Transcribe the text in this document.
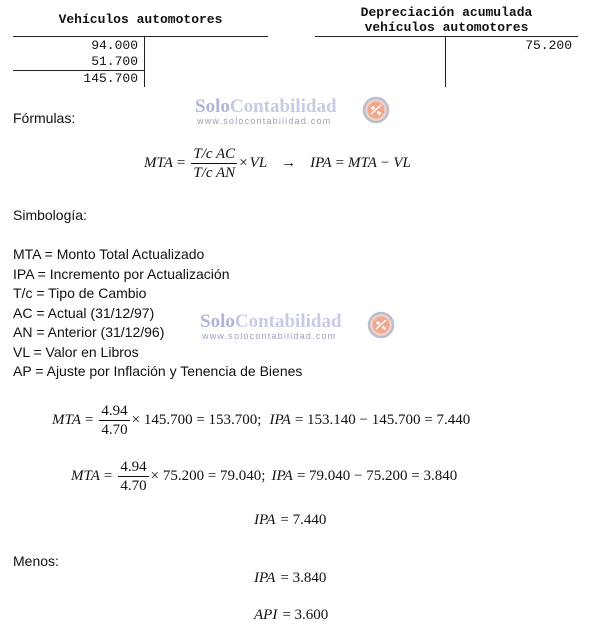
Vehículos automotores
94.000
51.700
145.700
Depreciación acumulada
vehículos automotores
75.200
SoloContabilidad
www.solocontabilidad.com
Fórmulas:
MTA = $\frac{\text{T/c AC}}{\text{T/c AN}}$ × VL → IPA = MTA − VL
Simbología:
MTA = Monto Total Actualizado
IPA = Incremento por Actualización
T/c = Tipo de Cambio
AC = Actual (31/12/97)
AN = Anterior (31/12/96)
VL = Valor en Libros
AP = Ajuste por Inflación y Tenencia de Bienes
SoloContabilidad
www.solocontabilidad.com
MTA = $\frac{4.94}{4.70} \times 145.700 = 153.700$; IPA = 153.140 − 145.700 = 7.440
MTA = $\frac{4.94}{4.70} \times 75.200 = 79.040$; IPA = 79.040 − 75.200 = 3.840
IPA = 7.440
Menos:
IPA = 3.840
API = 3.600
